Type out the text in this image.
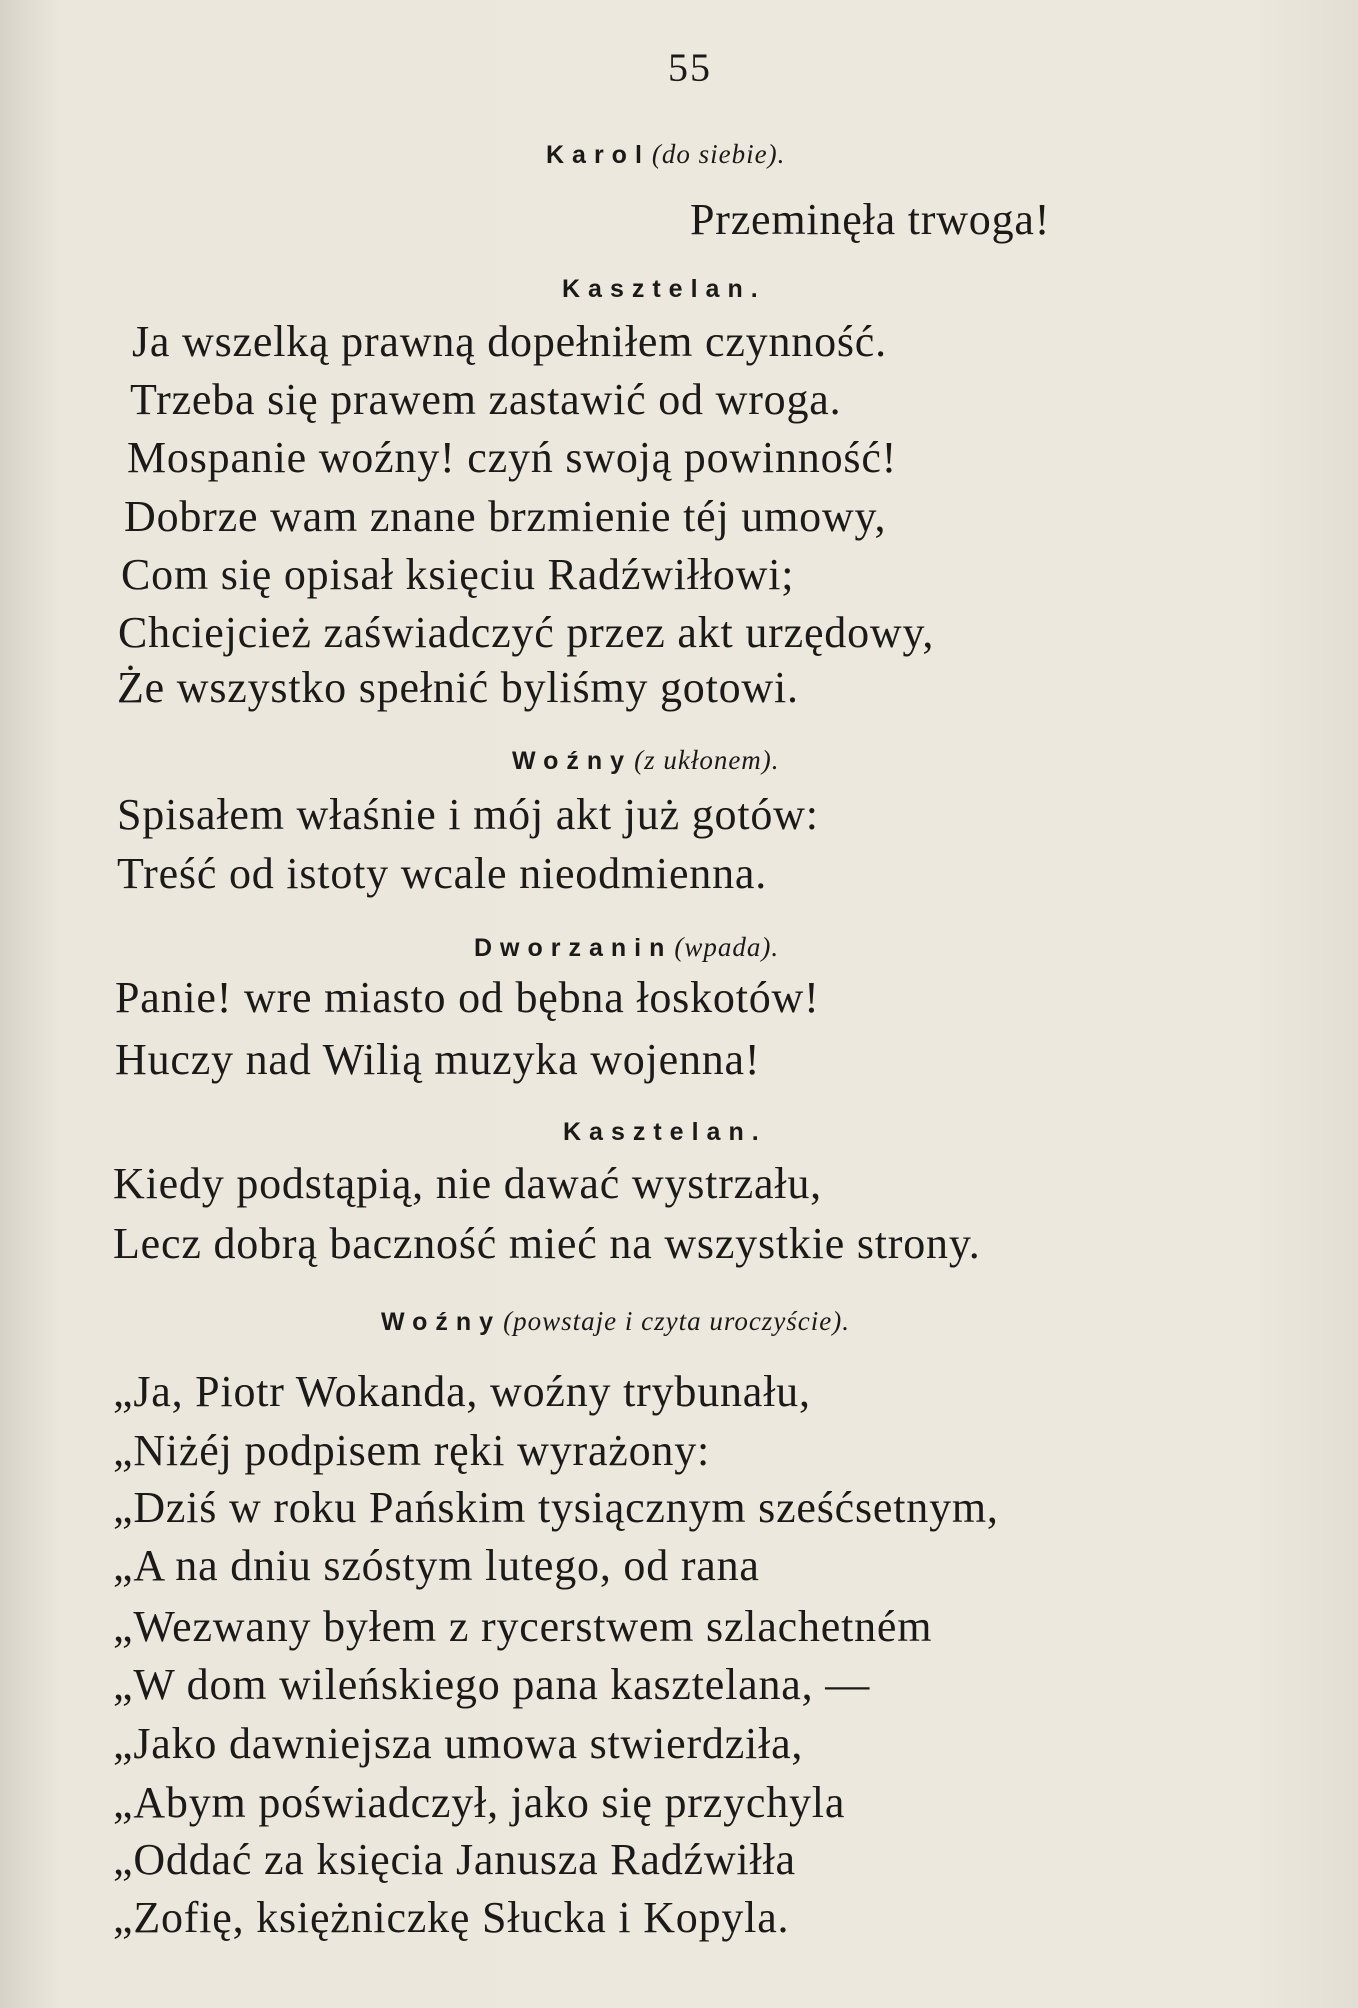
55
Karol(do siebie).
Przeminęła trwoga!
Kasztelan.
Ja wszelką prawną dopełniłem czynność.
Trzeba się prawem zastawić od wroga.
Mospanie woźny! czyń swoją powinność!
Dobrze wam znane brzmienie téj umowy,
Com się opisał księciu Radźwiłłowi;
Chciejcież zaświadczyć przez akt urzędowy,
Że wszystko spełnić byliśmy gotowi.
Woźny(z ukłonem).
Spisałem właśnie i mój akt już gotów:
Treść od istoty wcale nieodmienna.
Dworzanin(wpada).
Panie! wre miasto od bębna łoskotów!
Huczy nad Wilią muzyka wojenna!
Kasztelan.
Kiedy podstąpią, nie dawać wystrzału,
Lecz dobrą baczność mieć na wszystkie strony.
Woźny(powstaje i czyta uroczyście).
„Ja, Piotr Wokanda, woźny trybunału,
„Niżéj podpisem ręki wyrażony:
„Dziś w roku Pańskim tysiącznym sześćsetnym,
„A na dniu szóstym lutego, od rana
„Wezwany byłem z rycerstwem szlachetném
„W dom wileńskiego pana kasztelana, —
„Jako dawniejsza umowa stwierdziła,
„Abym poświadczył, jako się przychyla
„Oddać za księcia Janusza Radźwiłła
„Zofię, księżniczkę Słucka i Kopyla.
